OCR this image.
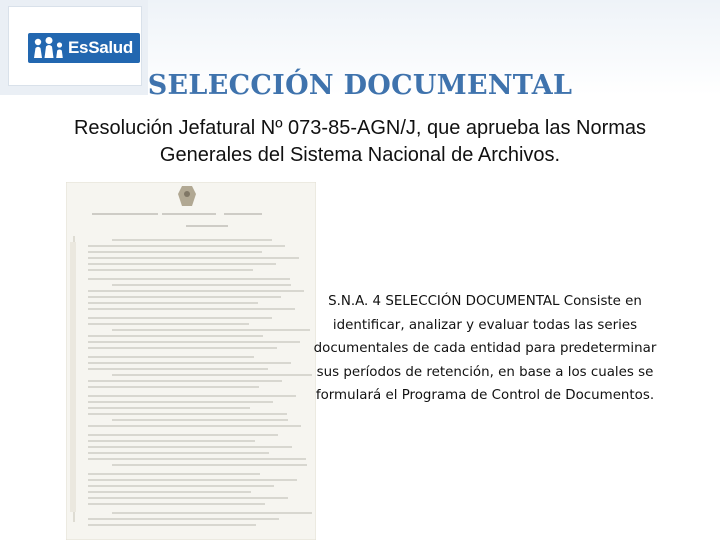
EsSalud
SELECCIÓN DOCUMENTAL
Resolución Jefatural Nº 073-85-AGN/J, que aprueba las Normas Generales del Sistema Nacional de Archivos.
S.N.A. 4 SELECCIÓN DOCUMENTAL Consiste en identificar, analizar y evaluar todas las series documentales de cada entidad para predeterminar sus períodos de retención, en base a los cuales se formulará el Programa de Control de Documentos.
